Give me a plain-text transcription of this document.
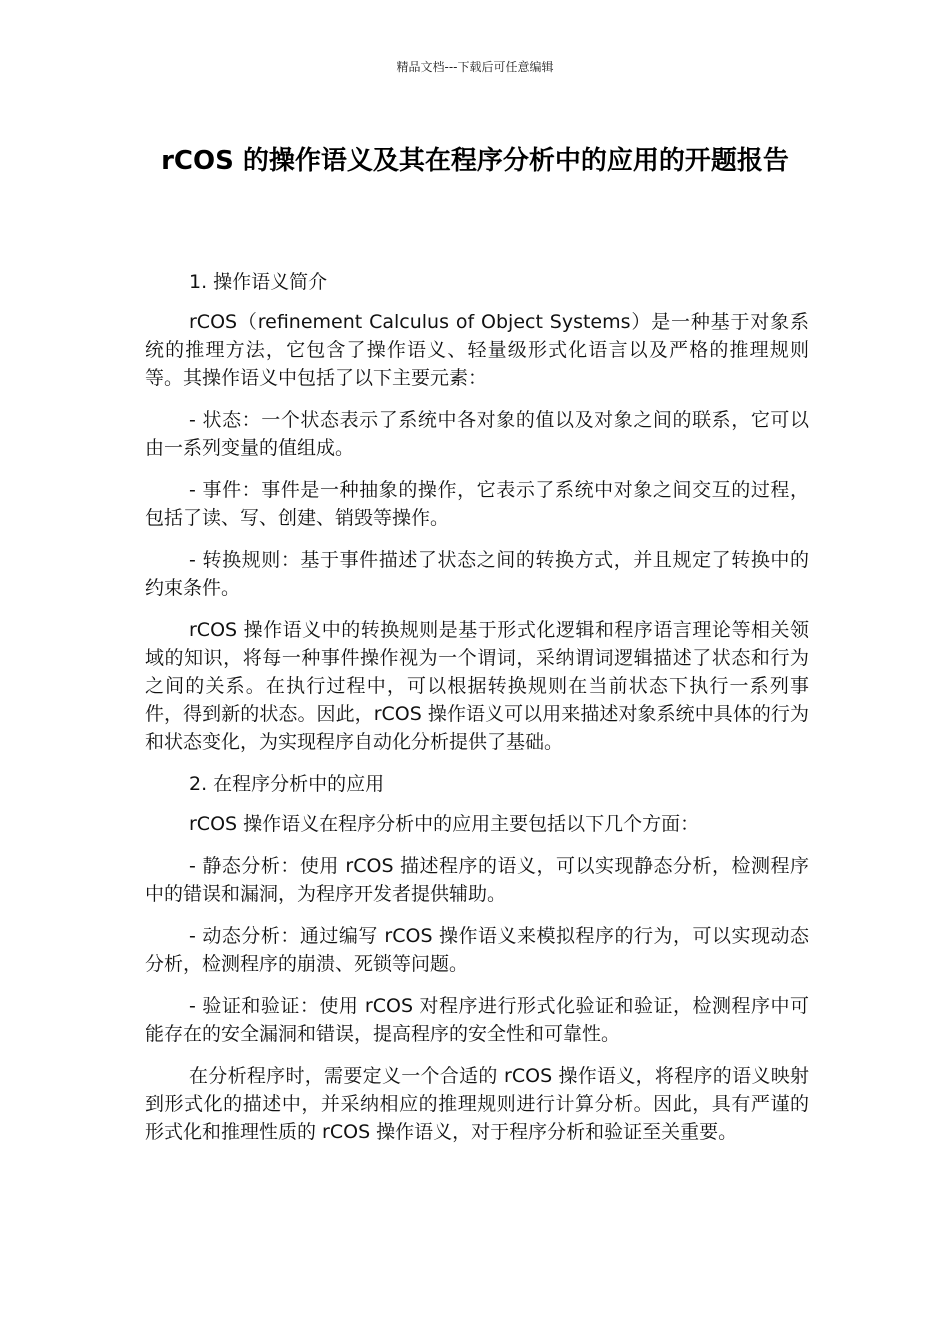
精品文档---下载后可任意编辑
rCOS 的操作语义及其在程序分析中的应用的开题报告

1. 操作语义简介

rCOS（refinement Calculus of Object Systems）是一种基于对象系统的推理方法，它包含了操作语义、轻量级形式化语言以及严格的推理规则等。其操作语义中包括了以下主要元素：

- 状态：一个状态表示了系统中各对象的值以及对象之间的联系，它可以由一系列变量的值组成。

- 事件：事件是一种抽象的操作，它表示了系统中对象之间交互的过程，包括了读、写、创建、销毁等操作。

- 转换规则：基于事件描述了状态之间的转换方式，并且规定了转换中的约束条件。

rCOS 操作语义中的转换规则是基于形式化逻辑和程序语言理论等相关领域的知识，将每一种事件操作视为一个谓词，采纳谓词逻辑描述了状态和行为之间的关系。在执行过程中，可以根据转换规则在当前状态下执行一系列事件，得到新的状态。因此，rCOS 操作语义可以用来描述对象系统中具体的行为和状态变化，为实现程序自动化分析提供了基础。

2. 在程序分析中的应用

rCOS 操作语义在程序分析中的应用主要包括以下几个方面：

- 静态分析：使用 rCOS 描述程序的语义，可以实现静态分析，检测程序中的错误和漏洞，为程序开发者提供辅助。

- 动态分析：通过编写 rCOS 操作语义来模拟程序的行为，可以实现动态分析，检测程序的崩溃、死锁等问题。

- 验证和验证：使用 rCOS 对程序进行形式化验证和验证，检测程序中可能存在的安全漏洞和错误，提高程序的安全性和可靠性。

在分析程序时，需要定义一个合适的 rCOS 操作语义，将程序的语义映射到形式化的描述中，并采纳相应的推理规则进行计算分析。因此，具有严谨的形式化和推理性质的 rCOS 操作语义，对于程序分析和验证至关重要。
